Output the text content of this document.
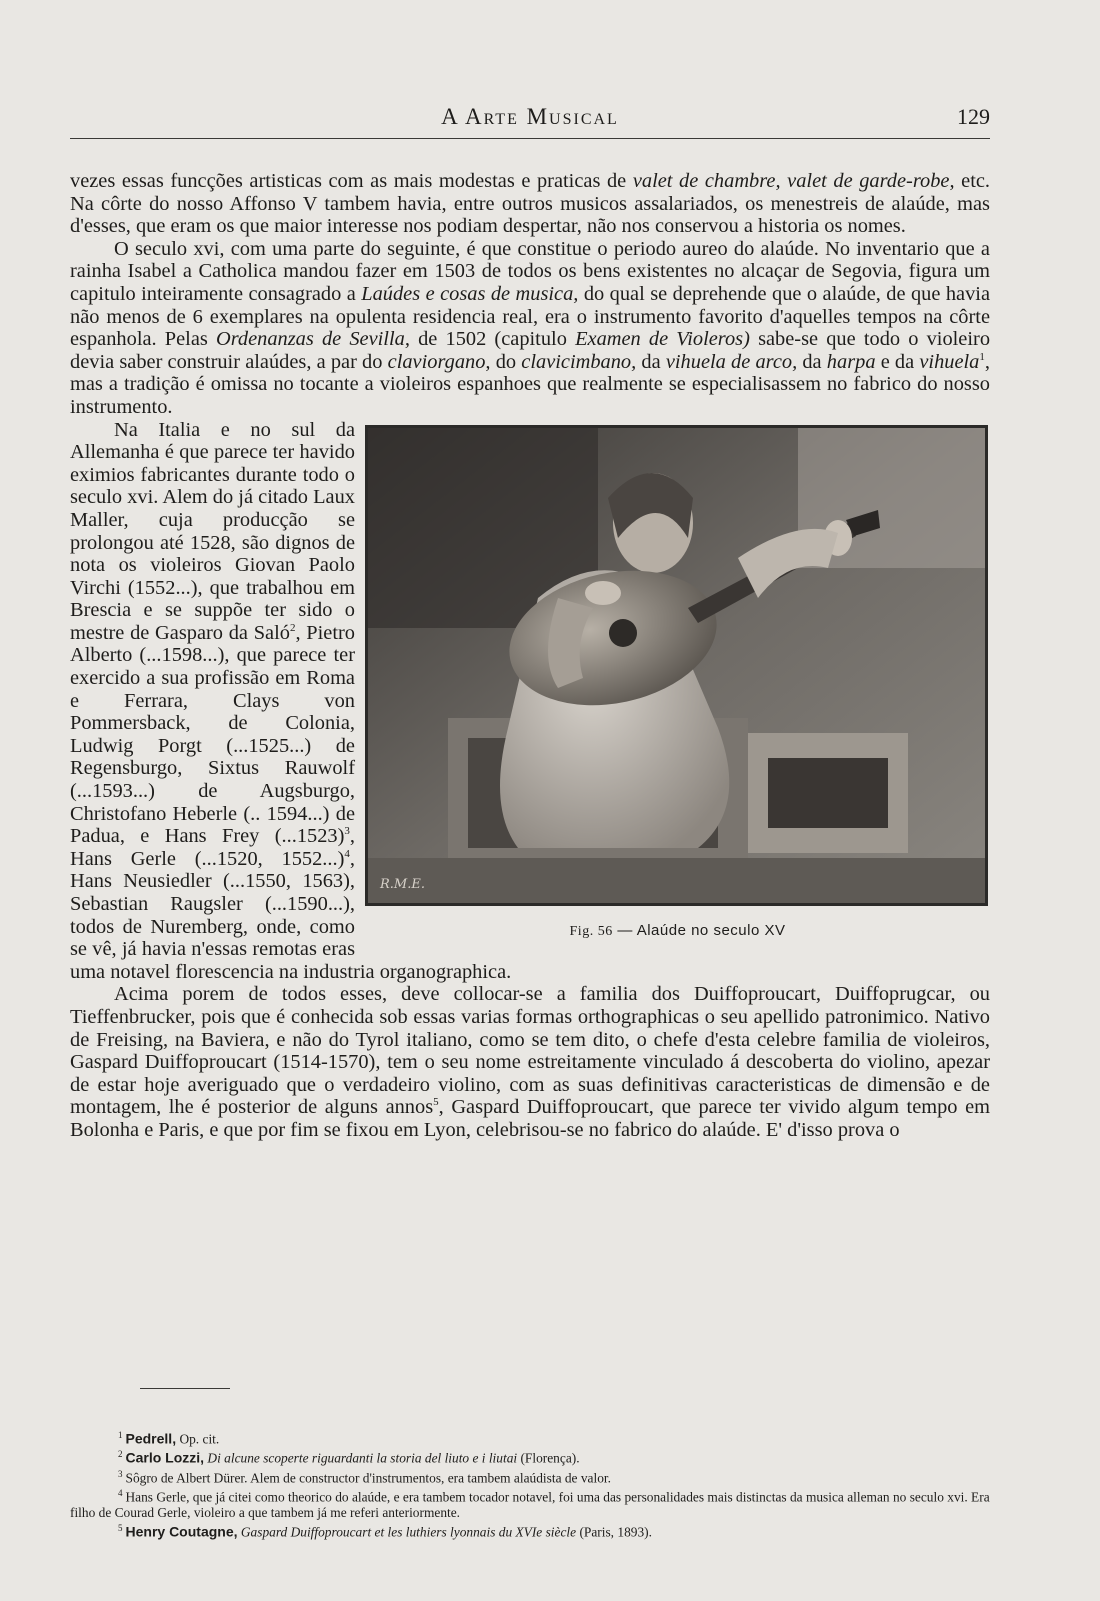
A Arte Musical	129

vezes essas funcções artisticas com as mais modestas e praticas de valet de chambre, valet de garde-robe, etc. Na côrte do nosso Affonso V tambem havia, entre outros musicos assalariados, os menestreis de alaúde, mas d'esses, que eram os que maior interesse nos podiam despertar, não nos conservou a historia os nomes.

O seculo xvi, com uma parte do seguinte, é que constitue o periodo aureo do alaúde. No inventario que a rainha Isabel a Catholica mandou fazer em 1503 de todos os bens existentes no alcaçar de Segovia, figura um capitulo inteiramente consagrado a Laúdes e cosas de musica, do qual se deprehende que o alaúde, de que havia não menos de 6 exemplares na opulenta residencia real, era o instrumento favorito d'aquelles tempos na côrte espanhola. Pelas Ordenanzas de Sevilla, de 1502 (capitulo Examen de Violeros) sabe-se que todo o violeiro devia saber construir alaúdes, a par do claviorgano, do clavicimbano, da vihuela de arco, da harpa e da vihuela$^1$, mas a tradição é omissa no tocante a violeiros espanhoes que realmente se especialisassem no fabrico do nosso instrumento.

R.M.E.
Fig. 56 — Alaúde no seculo XV

Na Italia e no sul da Allemanha é que parece ter havido eximios fabricantes durante todo o seculo xvi. Alem do já citado Laux Maller, cuja producção se prolongou até 1528, são dignos de nota os violeiros Giovan Paolo Virchi (1552...), que trabalhou em Brescia e se suppõe ter sido o mestre de Gasparo da Saló$^2$, Pietro Alberto (...1598...), que parece ter exercido a sua profissão em Roma e Ferrara, Clays von Pommersback, de Colonia, Ludwig Porgt (...1525...) de Regensburgo, Sixtus Rauwolf (...1593...) de Augsburgo, Christofano Heberle (.. 1594...) de Padua, e Hans Frey $(...1523)^3$, Hans Gerle (...1520, 1552...)$^4$, Hans Neusiedler (...1550, 1563), Sebastian Raugsler (...1590...), todos de Nuremberg, onde, como se vê, já havia n'essas remotas eras uma notavel florescencia na industria organographica.

Acima porem de todos esses, deve collocar-se a familia dos Duiffoproucart, Duiffoprugcar, ou Tieffenbrucker, pois que é conhecida sob essas varias formas orthographicas o seu apellido patronimico. Nativo de Freising, na Baviera, e não do Tyrol italiano, como se tem dito, o chefe d'esta celebre familia de violeiros, Gaspard Duiffoproucart (1514-1570), tem o seu nome estreitamente vinculado á descoberta do violino, apezar de estar hoje averiguado que o verdadeiro violino, com as suas definitivas caracteristicas de dimensão e de montagem, lhe é posterior de alguns annos$^5$, Gaspard Duiffoproucart, que parece ter vivido algum tempo em Bolonha e Paris, e que por fim se fixou em Lyon, celebrisou-se no fabrico do alaúde. E' d'isso prova o

$^1$ Pedrell, Op. cit.

$^2$ Carlo Lozzi, Di alcune scoperte riguardanti la storia del liuto e i liutai (Florença).

$^3$ Sôgro de Albert Dürer. Alem de constructor d'instrumentos, era tambem alaúdista de valor.

$^4$ Hans Gerle, que já citei como theorico do alaúde, e era tambem tocador notavel, foi uma das personalidades mais distinctas da musica alleman no seculo xvi. Era filho de Courad Gerle, violeiro a que tambem já me referi anteriormente.

$^5$ Henry Coutagne, Gaspard Duiffoproucart et les luthiers lyonnais du XVIe siècle (Paris, 1893).
